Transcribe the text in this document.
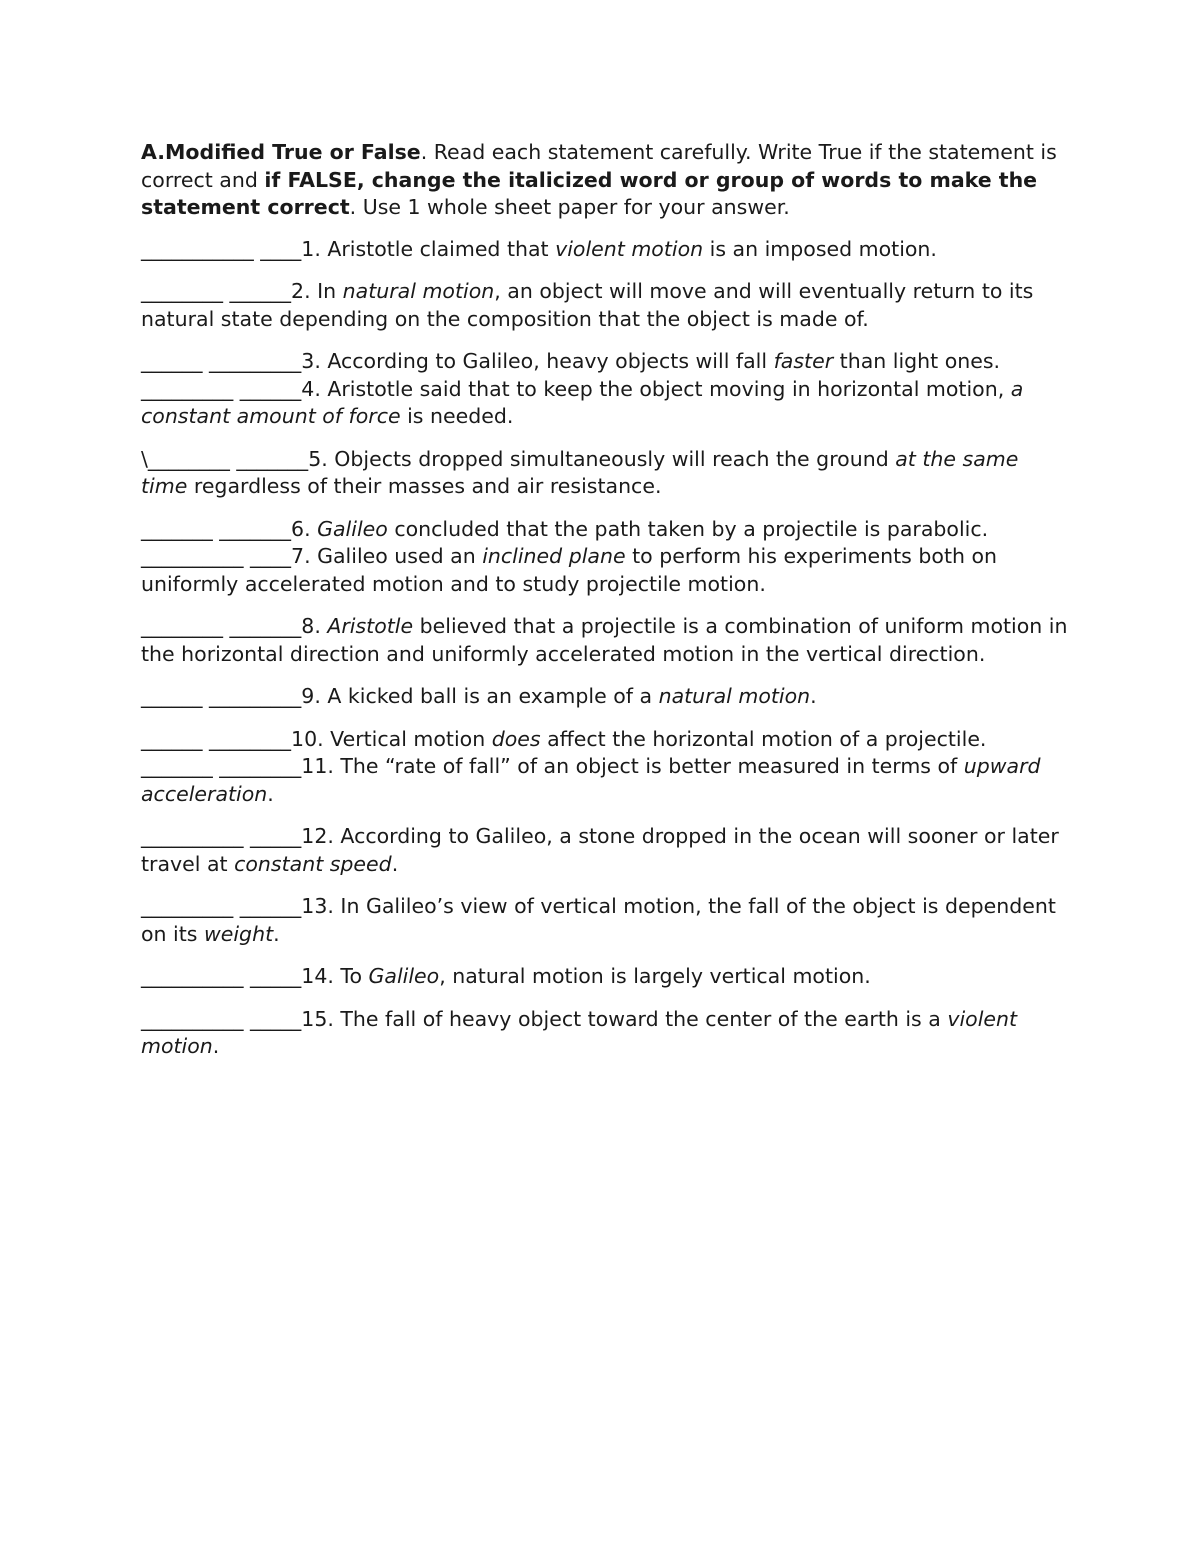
A.Modified True or False. Read each statement carefully. Write True if the statement is correct and if FALSE, change the italicized word or group of words to make the statement correct. Use 1 whole sheet paper for your answer.

___________ ____1. Aristotle claimed that violent motion is an imposed motion.

________ ______2. In natural motion, an object will move and will eventually return to its natural state depending on the composition that the object is made of.

______ _________3. According to Galileo, heavy objects will fall faster than light ones.

_________ ______4. Aristotle said that to keep the object moving in horizontal motion, a constant amount of force is needed.

\________ _______5. Objects dropped simultaneously will reach the ground at the same time regardless of their masses and air resistance.

_______ _______6. Galileo concluded that the path taken by a projectile is parabolic.

__________ ____7. Galileo used an inclined plane to perform his experiments both on uniformly accelerated motion and to study projectile motion.

________ _______8. Aristotle believed that a projectile is a combination of uniform motion in the horizontal direction and uniformly accelerated motion in the vertical direction.

______ _________9. A kicked ball is an example of a natural motion.

______ ________10. Vertical motion does affect the horizontal motion of a projectile.

_______ ________11. The “rate of fall” of an object is better measured in terms of upward acceleration.

__________ _____12. According to Galileo, a stone dropped in the ocean will sooner or later travel at constant speed.

_________ ______13. In Galileo’s view of vertical motion, the fall of the object is dependent on its weight.

__________ _____14. To Galileo, natural motion is largely vertical motion.

__________ _____15. The fall of heavy object toward the center of the earth is a violent motion.
